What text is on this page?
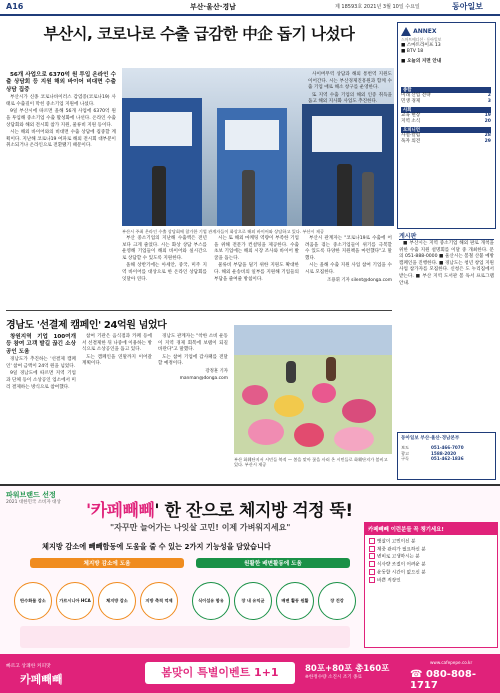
A16	부산·울산·경남	제 18593호 2021년 3월 10일 수요일	동아일보
부산시, 코로나로 수출 급감한 中企 돕기 나섰다

56개 사업으로 6370억 원 투입 온라인 수출 상담회 등 지원 해외 바이어 비대면 수출 상담 집중

부산시가 신종 코로나바이러스 감염증(코로나19) 사태로 수출길이 막힌 중소기업 지원에 나섰다.

9일 부산시에 따르면 올해 56개 사업에 6370억 원을 투입해 중소기업 수출 활성화에 나선다. 온라인 수출 상담회와 해외 전시회 참가 지원, 물류비 지원 등이다.

시는 해외 바이어와의 비대면 수출 상담에 집중할 계획이다. 지난해 코로나19 여파로 해외 전시회 대부분이 취소되거나 온라인으로 전환됐기 때문이다.

부산시 주최 온라인 수출 상담회에 참가한 기업 관계자들이 화상으로 해외 바이어와 상담하고 있다. 부산시 제공

사이버무역 상담과 해외 통번역 지원도 이어간다. 시는 부산경제진흥원과 함께 수출 기업 애로 해소 창구를 운영한다.

또 지역 수출 기업의 해외 인증 취득을 돕고 해외 지사화 사업도 추진한다.

부산 중소기업의 지난해 수출액은 전년보다 크게 줄었다. 시는 화상 상담 부스를 운영해 기업들이 해외 바이어와 실시간으로 상담할 수 있도록 지원한다.

올해 상반기에는 아세안, 중국, 미주 지역 바이어를 대상으로 한 온라인 상담회를 잇달아 연다.

시는 또 해외 마케팅 역량이 부족한 기업을 위해 전문가 컨설팅을 제공한다. 수출 초보 기업에는 해외 시장 조사와 바이어 발굴을 돕는다.

물류비 부담을 덜기 위한 지원도 확대한다. 해외 운송비의 일부를 지원해 기업들의 부담을 줄여줄 방침이다.

부산시 관계자는 "코로나19로 수출에 어려움을 겪는 중소기업들이 위기를 극복할 수 있도록 다양한 지원책을 마련했다"고 말했다.

시는 올해 수출 지원 사업 참여 기업을 수시로 모집한다.

조용휘 기자 silent@donga.com
경남도 '선결제 캠페인' 24억원 넘었다

창원지역 기업 100여개 등 참여 고객 발길 끊긴 소상공인 도움

경남도가 추진하는 '선결제 캠페인' 참여 금액이 24억 원을 넘었다.

9일 경남도에 따르면 지역 기업과 단체 등이 소상공인 업소에서 미리 결제하는 방식으로 참여했다.

참여 기관은 음식점과 카페 등에서 선결제한 뒤 나중에 이용하는 방식으로 소상공인을 돕고 있다.

도는 캠페인을 연말까지 이어갈 계획이다.

경남도 관계자는 "착한 소비 운동이 지역 경제 회복에 보탬이 되길 바란다"고 말했다.

도는 참여 기업에 감사패를 전달할 예정이다.

강정훈 기자 manman@donga.com
부산 화훼단지서 시민들 북적 — 봄을 맞아 꽃을 사러 온 시민들로 화훼단지가 붐비고 있다. 부산시 제공
ANNEX
스마트에디션 · 동아일보
■ 스마트라이프 13
■ BTV 18
■ 오늘의 지면 안내
종합
미래 산업 전략	2
민생 경제	3
사회
교육 현장	19
지역 소식	20
오피니언
사설·칼럼	28
독자 의견	29
게시판

■ 부산시는 지역 중소기업 해외 판로 개척을 위한 수출 지원 설명회를 이달 중 개최한다. 문의 051-888-0000 ■ 울산시는 봄철 산불 예방 캠페인을 진행한다. ■ 경남도는 청년 창업 지원 사업 참가자를 모집한다. 신청은 도 누리집에서 받는다. ■ 부산 지역 도서관 봄 독서 프로그램 안내.

동아일보 부산·울산·경남본부
보도	051-466-7070
광고	1588-2020
구독	051-462-1836
파워브랜드 선정
2021 대한민국 소비자 대상 '카페빼빼' 한 잔으로 체지방 걱정 뚝!
"자꾸만 늘어가는 나잇살 고민! 이제 가벼워지세요"
체지방 감소에 빼빼함동에 도움을 줄 수 있는 2가지 기능성을 담았습니다
체지방 감소에 도움	원활한 배변활동에 도움
탄수화물 감소	가르시니아 HCA	체지방 감소	지방 축적 억제	식이섬유 함유	장 내 유익균	배변 활동 원활	장 건강
카페빼빼 이런분들 꼭 챙기세요!
뱃살이 고민이신 분
체중 관리가 필요하신 분
변비로 고생하시는 분
식사량 조절이 어려운 분
운동할 시간이 없으신 분
바쁜 직장인
빠르고 상쾌한 커피맛
카페빼빼
봄맞이 특별이벤트 1+1	80포+80포 총160포
※한정수량 소진시 조기 종료
www.cafepepe.co.kr
☎ 080-808-1717
